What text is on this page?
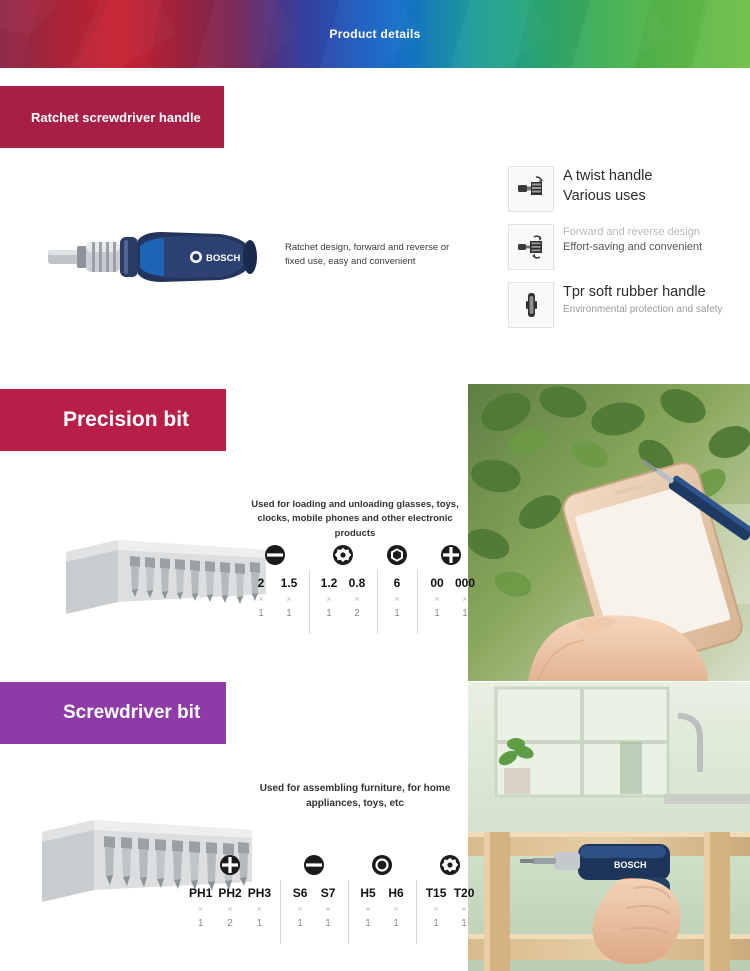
Product details
Ratchet screwdriver handle
BOSCH
Ratchet design, forward and reverse or fixed use, easy and convenient
A twist handle
Various uses
Forward and reverse design
Effort-saving and convenient
Tpr soft rubber handle
Environmental protection and safety
Precision bit
Used for loading and unloading glasses, toys, clocks, mobile phones and other electronic products
2
×
1
1.5
×
1
1.2
×
1
0.8
×
2
6
×
1
00
×
1
000
×
1
Screwdriver bit
BOSCH
Used for assembling furniture, for home appliances, toys, etc
PH1
×
1
PH2
×
2
PH3
×
1
S6
×
1
S7
×
1
H5
×
1
H6
×
1
T15
×
1
T20
×
1
